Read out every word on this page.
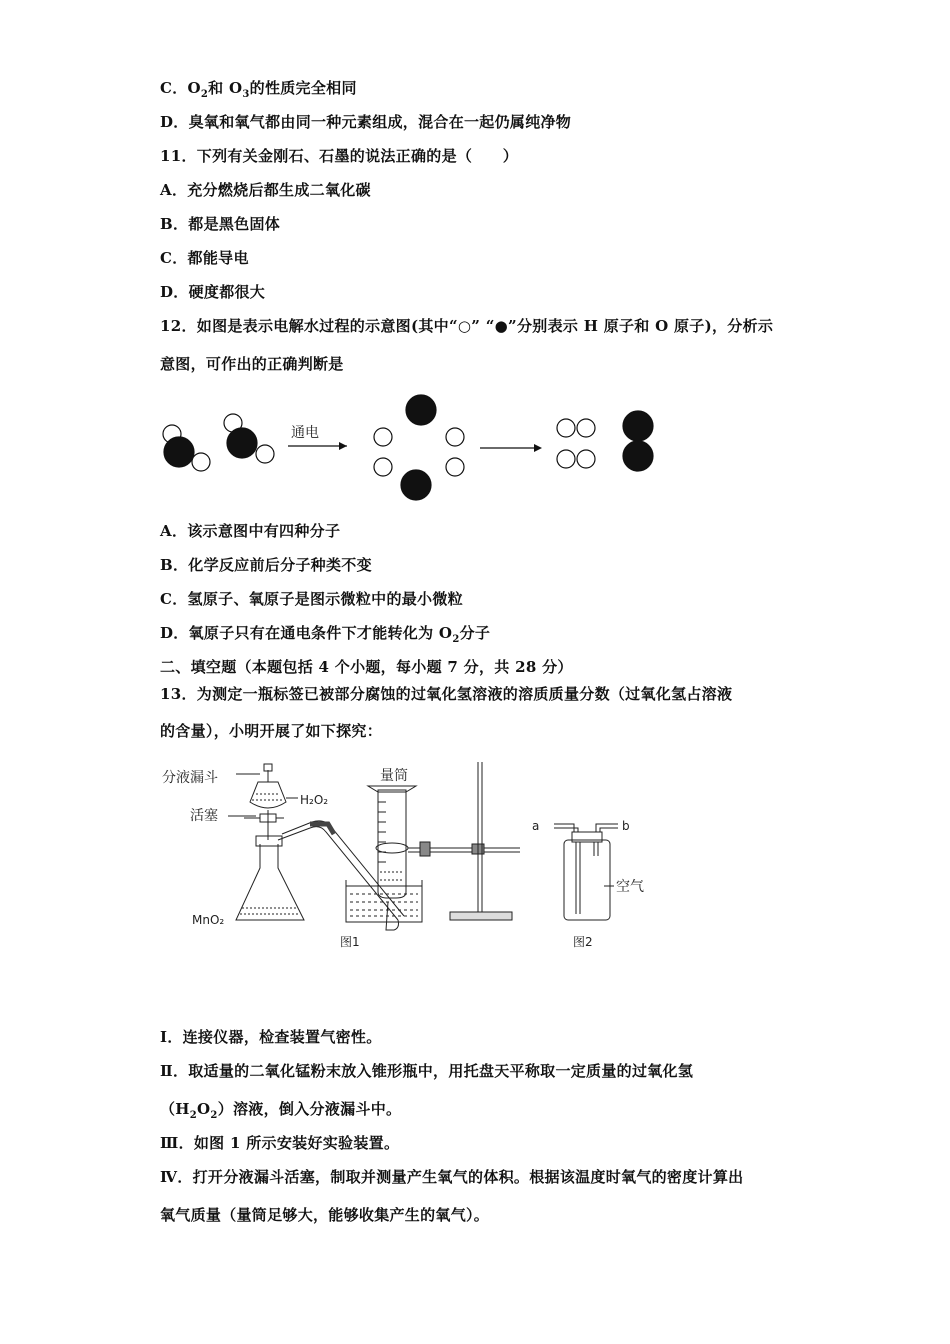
C．$O_2$和 $O_3$的性质完全相同
D．臭氧和氧气都由同一种元素组成，混合在一起仍属纯净物
11．下列有关金刚石、石墨的说法正确的是（　　）
A．充分燃烧后都生成二氧化碳
B．都是黑色固体
C．都能导电
D．硬度都很大
12．如图是表示电解水过程的示意图(其中“○” “●”分别表示 H 原子和 O 原子)，分析示
意图，可作出的正确判断是
通电
A．该示意图中有四种分子
B．化学反应前后分子种类不变
C．氢原子、氧原子是图示微粒中的最小微粒
D．氧原子只有在通电条件下才能转化为 $O_2$分子
二、填空题（本题包括 4 个小题，每小题 7 分，共 28 分）
13．为测定一瓶标签已被部分腐蚀的过氧化氢溶液的溶质质量分数（过氧化氢占溶液
的含量），小明开展了如下探究：
分液漏斗
H₂O₂
活塞
MnO₂
量筒
图1
a	b
空气
图2
Ⅰ．连接仪器，检查装置气密性。
Ⅱ．取适量的二氧化锰粉末放入锥形瓶中，用托盘天平称取一定质量的过氧化氢
$(H_2O_2)$溶液，倒入分液漏斗中。
Ⅲ．如图 1 所示安装好实验装置。
Ⅳ．打开分液漏斗活塞，制取并测量产生氧气的体积。根据该温度时氧气的密度计算出
氧气质量（量筒足够大，能够收集产生的氧气）。
